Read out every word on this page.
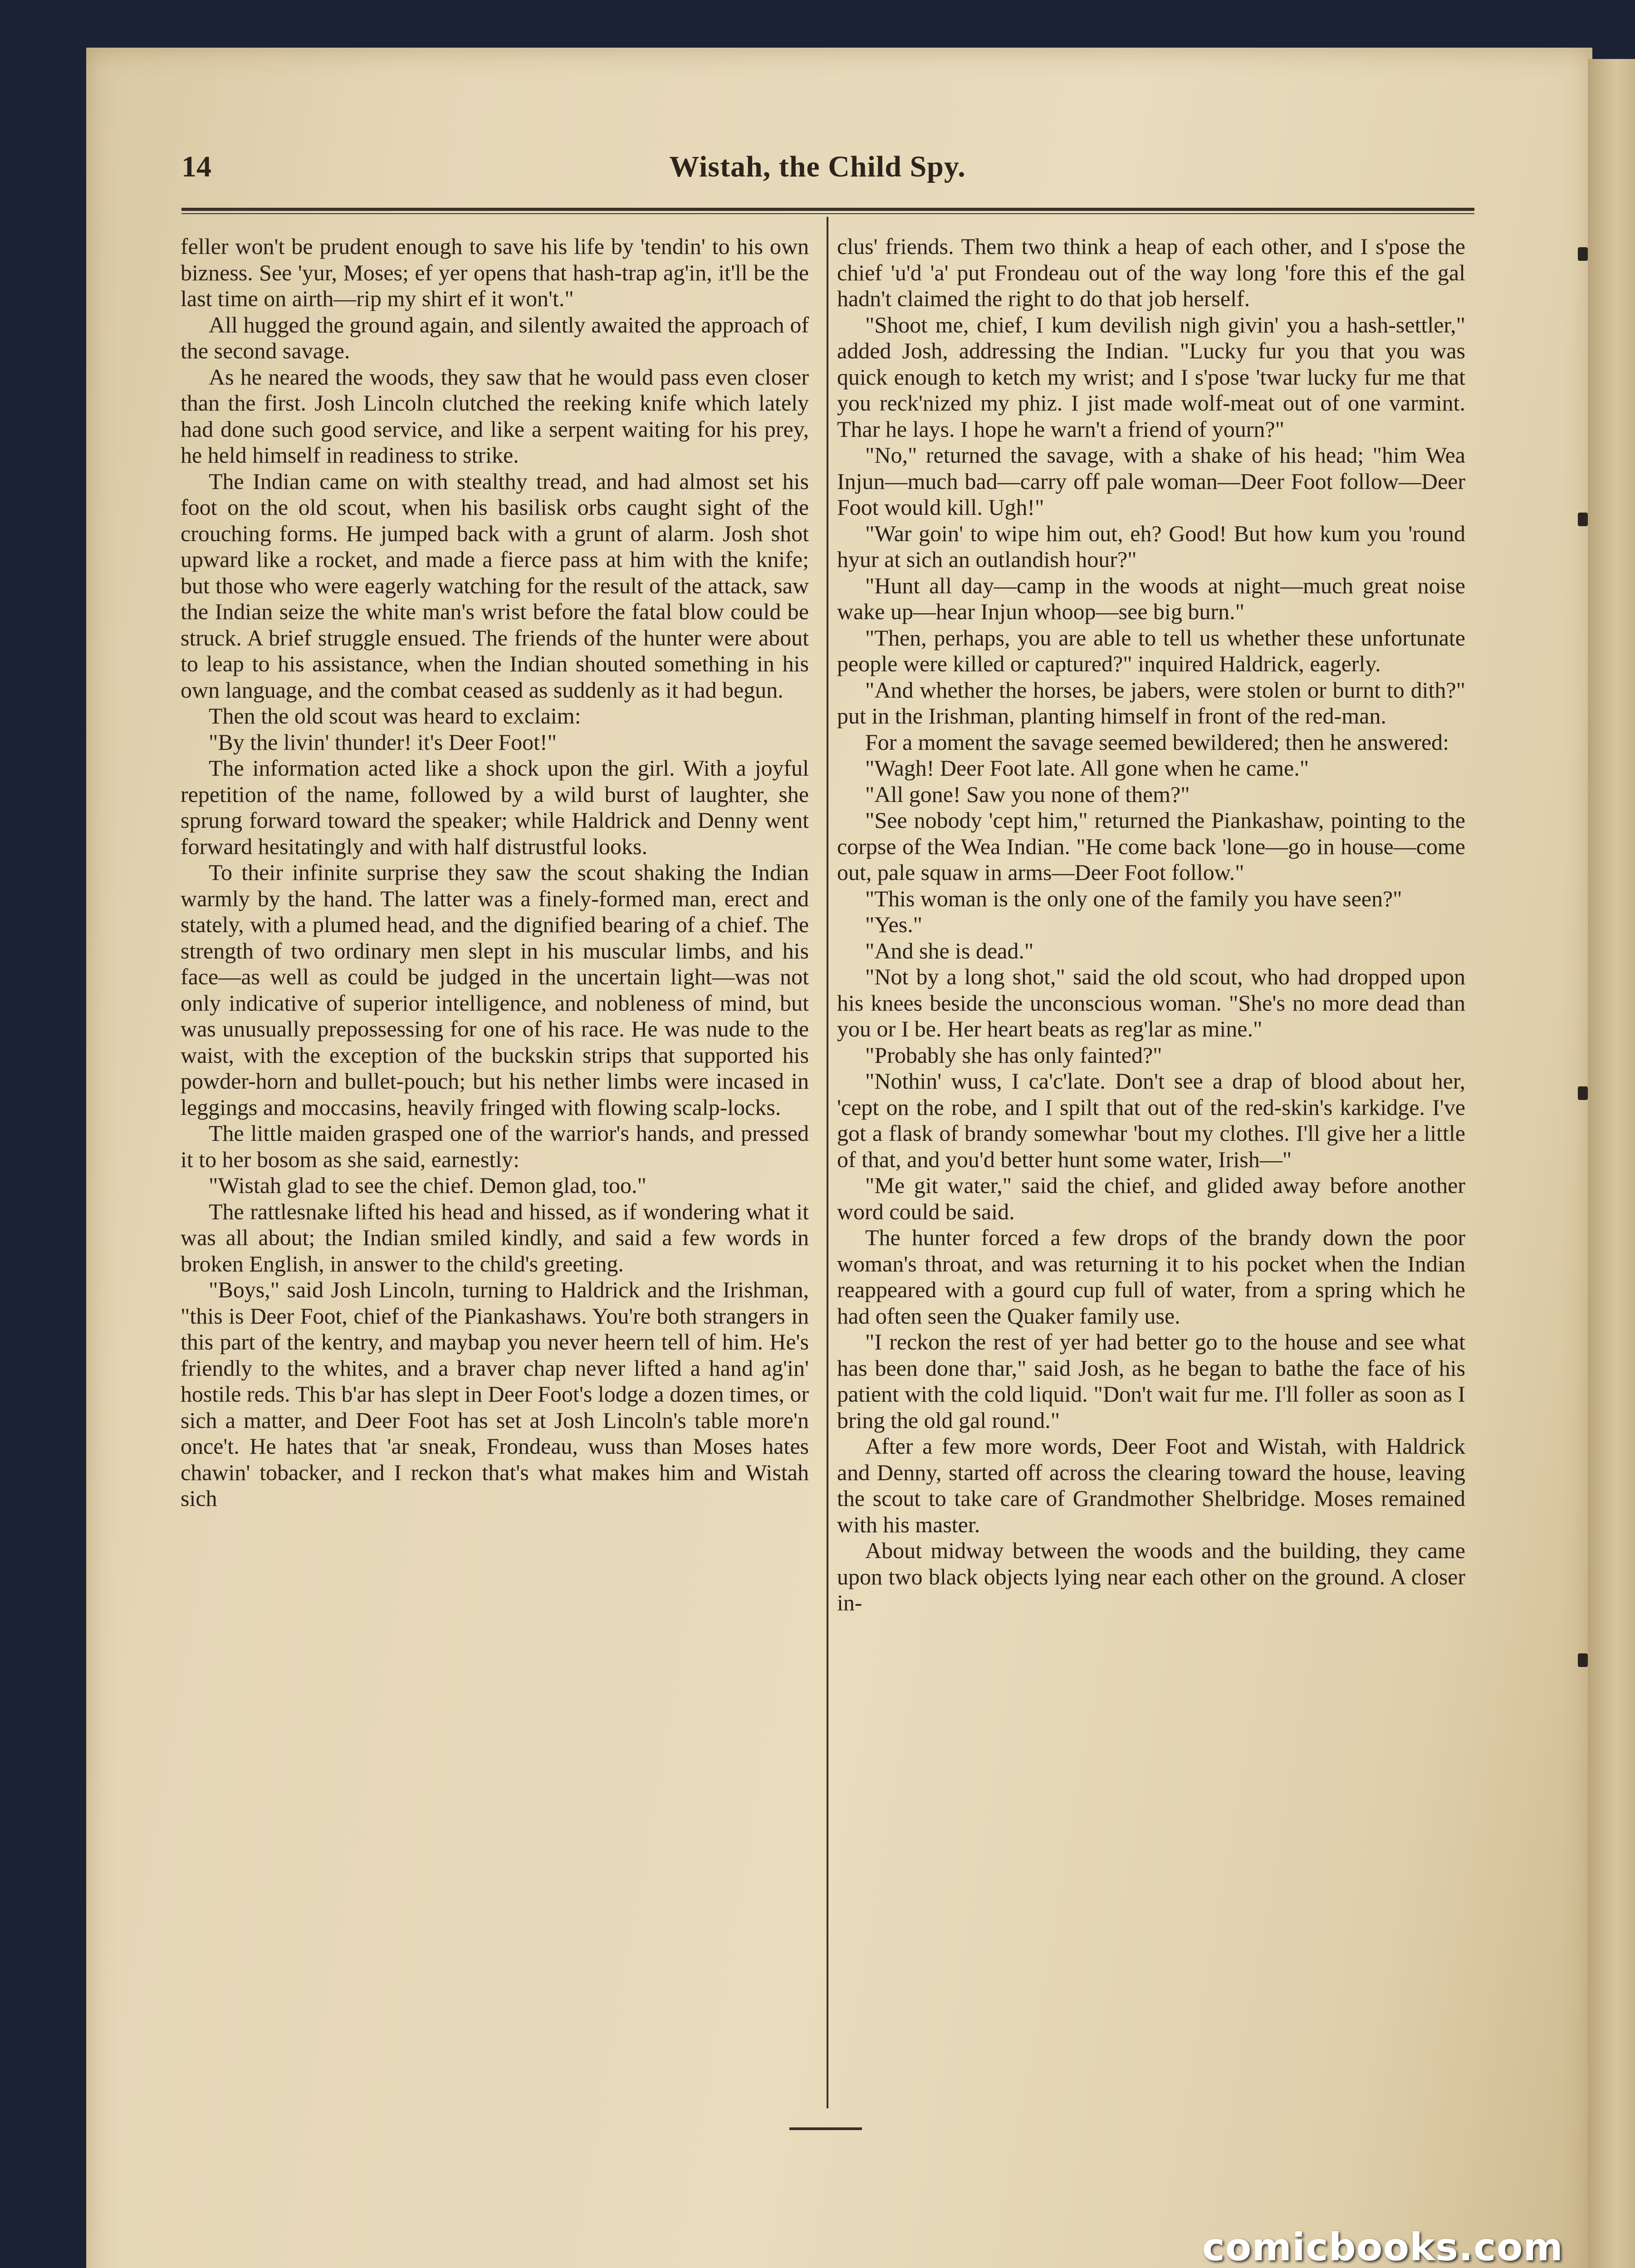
14	Wistah, the Child Spy.

feller won't be prudent enough to save his life by 'tendin' to his own bizness. See 'yur, Moses; ef yer opens that hash-trap ag'in, it'll be the last time on airth—rip my shirt ef it won't."

All hugged the ground again, and silently awaited the approach of the second savage.

As he neared the woods, they saw that he would pass even closer than the first. Josh Lincoln clutched the reeking knife which lately had done such good service, and like a serpent waiting for his prey, he held himself in readiness to strike.

The Indian came on with stealthy tread, and had almost set his foot on the old scout, when his basilisk orbs caught sight of the crouching forms. He jumped back with a grunt of alarm. Josh shot upward like a rocket, and made a fierce pass at him with the knife; but those who were eagerly watching for the result of the attack, saw the Indian seize the white man's wrist before the fatal blow could be struck. A brief struggle ensued. The friends of the hunter were about to leap to his assistance, when the Indian shouted something in his own language, and the combat ceased as suddenly as it had begun.

Then the old scout was heard to exclaim:

"By the livin' thunder! it's Deer Foot!"

The information acted like a shock upon the girl. With a joyful repetition of the name, followed by a wild burst of laughter, she sprung forward toward the speaker; while Haldrick and Denny went forward hesitatingly and with half distrustful looks.

To their infinite surprise they saw the scout shaking the Indian warmly by the hand. The latter was a finely-formed man, erect and stately, with a plumed head, and the dignified bearing of a chief. The strength of two ordinary men slept in his muscular limbs, and his face—as well as could be judged in the uncertain light—was not only indicative of superior intelligence, and nobleness of mind, but was unusually prepossessing for one of his race. He was nude to the waist, with the exception of the buckskin strips that supported his powder-horn and bullet-pouch; but his nether limbs were incased in leggings and moccasins, heavily fringed with flowing scalp-locks.

The little maiden grasped one of the warrior's hands, and pressed it to her bosom as she said, earnestly:

"Wistah glad to see the chief. Demon glad, too."

The rattlesnake lifted his head and hissed, as if wondering what it was all about; the Indian smiled kindly, and said a few words in broken English, in answer to the child's greeting.

"Boys," said Josh Lincoln, turning to Haldrick and the Irishman, "this is Deer Foot, chief of the Piankashaws. You're both strangers in this part of the kentry, and maybap you never heern tell of him. He's friendly to the whites, and a braver chap never lifted a hand ag'in' hostile reds. This b'ar has slept in Deer Foot's lodge a dozen times, or sich a matter, and Deer Foot has set at Josh Lincoln's table more'n once't. He hates that 'ar sneak, Frondeau, wuss than Moses hates chawin' tobacker, and I reckon that's what makes him and Wistah sich

clus' friends. Them two think a heap of each other, and I s'pose the chief 'u'd 'a' put Frondeau out of the way long 'fore this ef the gal hadn't claimed the right to do that job herself.

"Shoot me, chief, I kum devilish nigh givin' you a hash-settler," added Josh, addressing the Indian. "Lucky fur you that you was quick enough to ketch my wrist; and I s'pose 'twar lucky fur me that you reck'nized my phiz. I jist made wolf-meat out of one varmint. Thar he lays. I hope he warn't a friend of yourn?"

"No," returned the savage, with a shake of his head; "him Wea Injun—much bad—carry off pale woman—Deer Foot follow—Deer Foot would kill. Ugh!"

"War goin' to wipe him out, eh? Good! But how kum you 'round hyur at sich an outlandish hour?"

"Hunt all day—camp in the woods at night—much great noise wake up—hear Injun whoop—see big burn."

"Then, perhaps, you are able to tell us whether these unfortunate people were killed or captured?" inquired Haldrick, eagerly.

"And whether the horses, be jabers, were stolen or burnt to dith?" put in the Irishman, planting himself in front of the red-man.

For a moment the savage seemed bewildered; then he answered:

"Wagh! Deer Foot late. All gone when he came."

"All gone! Saw you none of them?"

"See nobody 'cept him," returned the Piankashaw, pointing to the corpse of the Wea Indian. "He come back 'lone—go in house—come out, pale squaw in arms—Deer Foot follow."

"This woman is the only one of the family you have seen?"

"Yes."

"And she is dead."

"Not by a long shot," said the old scout, who had dropped upon his knees beside the unconscious woman. "She's no more dead than you or I be. Her heart beats as reg'lar as mine."

"Probably she has only fainted?"

"Nothin' wuss, I ca'c'late. Don't see a drap of blood about her, 'cept on the robe, and I spilt that out of the red-skin's karkidge. I've got a flask of brandy somewhar 'bout my clothes. I'll give her a little of that, and you'd better hunt some water, Irish—"

"Me git water," said the chief, and glided away before another word could be said.

The hunter forced a few drops of the brandy down the poor woman's throat, and was returning it to his pocket when the Indian reappeared with a gourd cup full of water, from a spring which he had often seen the Quaker family use.

"I reckon the rest of yer had better go to the house and see what has been done thar," said Josh, as he began to bathe the face of his patient with the cold liquid. "Don't wait fur me. I'll foller as soon as I bring the old gal round."

After a few more words, Deer Foot and Wistah, with Haldrick and Denny, started off across the clearing toward the house, leaving the scout to take care of Grandmother Shelbridge. Moses remained with his master.

About midway between the woods and the building, they came upon two black objects lying near each other on the ground. A closer in-

comicbooks.com
